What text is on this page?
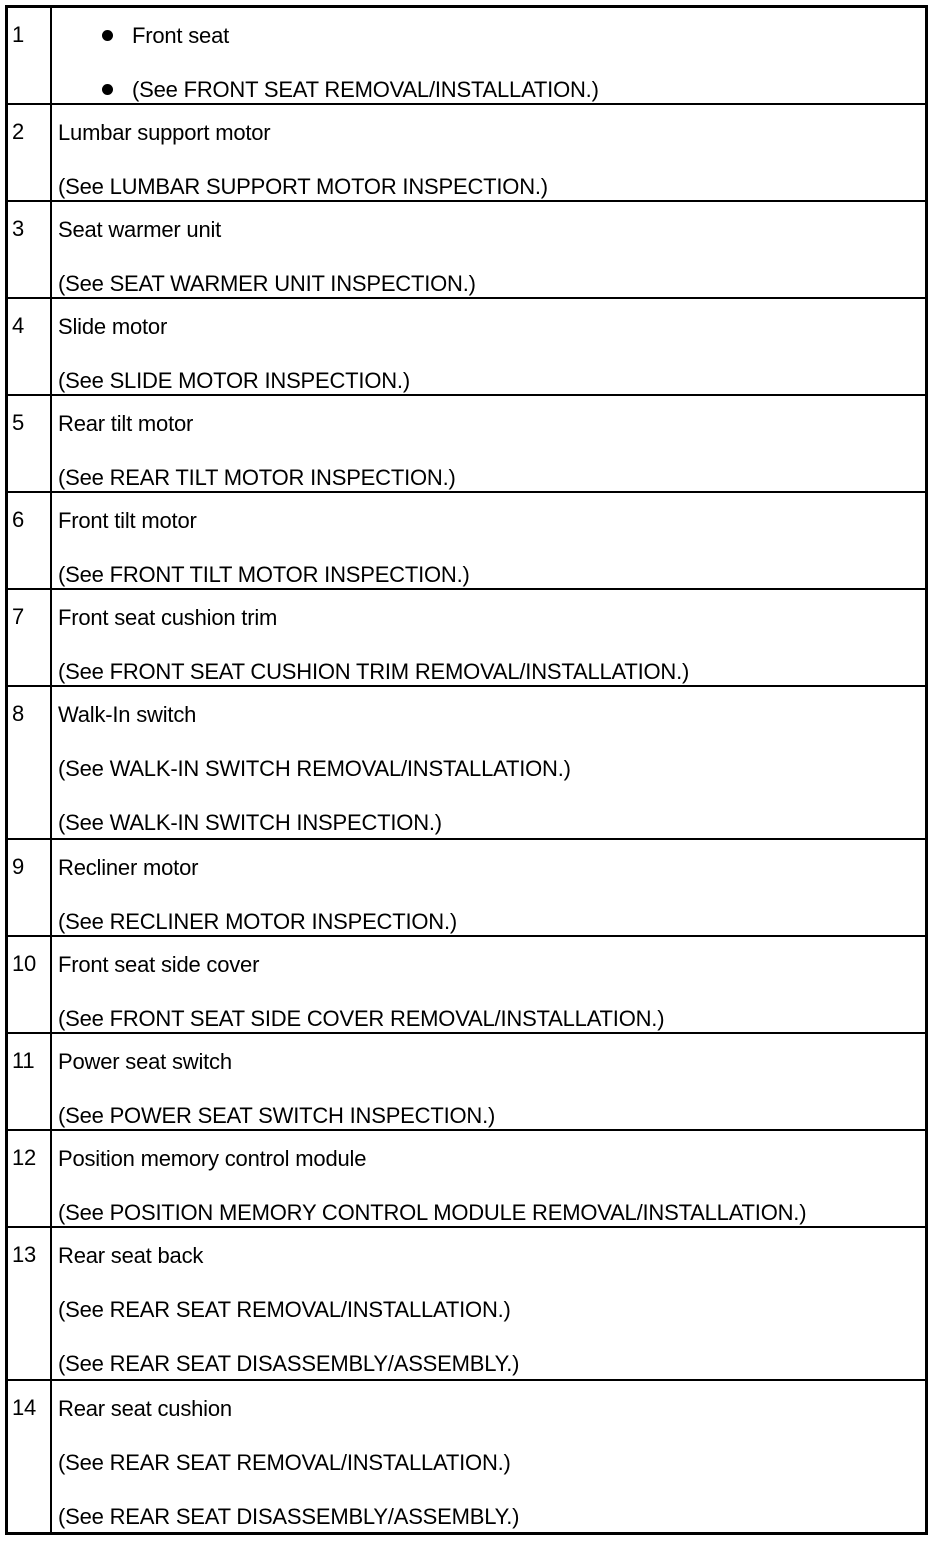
1	Front seat
(See FRONT SEAT REMOVAL/INSTALLATION.)

2	Lumbar support motor
(See LUMBAR SUPPORT MOTOR INSPECTION.)

3	Seat warmer unit
(See SEAT WARMER UNIT INSPECTION.)

4	Slide motor
(See SLIDE MOTOR INSPECTION.)

5	Rear tilt motor
(See REAR TILT MOTOR INSPECTION.)

6	Front tilt motor
(See FRONT TILT MOTOR INSPECTION.)

7	Front seat cushion trim
(See FRONT SEAT CUSHION TRIM REMOVAL/INSTALLATION.)

8	Walk-In switch
(See WALK-IN SWITCH REMOVAL/INSTALLATION.)
(See WALK-IN SWITCH INSPECTION.)

9	Recliner motor
(See RECLINER MOTOR INSPECTION.)

10	Front seat side cover
(See FRONT SEAT SIDE COVER REMOVAL/INSTALLATION.)

11	Power seat switch
(See POWER SEAT SWITCH INSPECTION.)

12	Position memory control module
(See POSITION MEMORY CONTROL MODULE REMOVAL/INSTALLATION.)

13	Rear seat back
(See REAR SEAT REMOVAL/INSTALLATION.)
(See REAR SEAT DISASSEMBLY/ASSEMBLY.)

14	Rear seat cushion
(See REAR SEAT REMOVAL/INSTALLATION.)
(See REAR SEAT DISASSEMBLY/ASSEMBLY.)
